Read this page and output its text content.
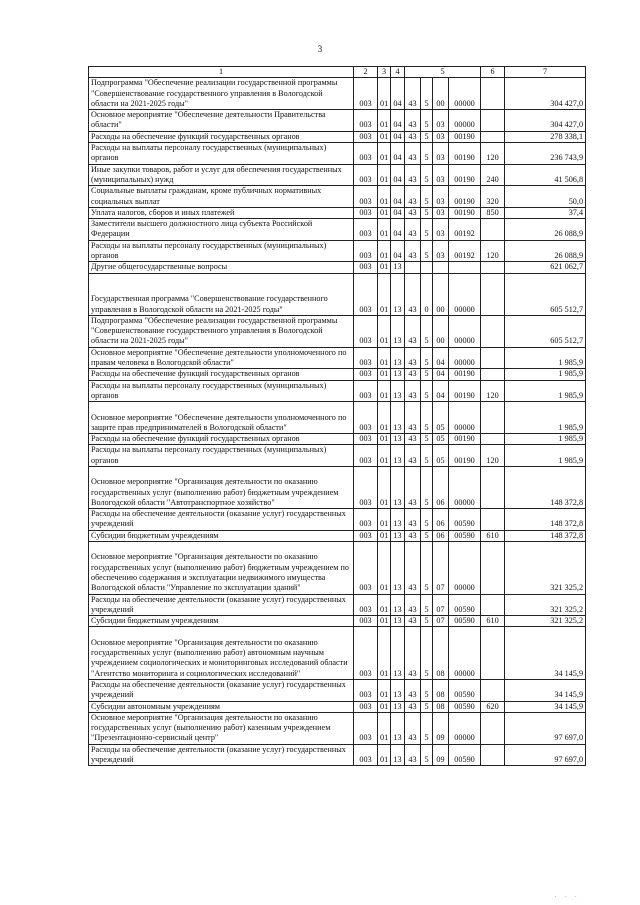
3
1	2	3	4	5				6	7
Подпрограмма "Обеспечение реализации государственной программы "Совершенствование государственного управления в Вологодской области на 2021-2025 годы"	003	01	04	43	5	00	00000		304 427,0
Основное мероприятие "Обеспечение деятельности Правительства области"	003	01	04	43	5	03	00000		304 427,0
Расходы на обеспечение функций государственных органов	003	01	04	43	5	03	00190		278 338,1
Расходы на выплаты персоналу государственных (муниципальных) органов	003	01	04	43	5	03	00190	120	236 743,9
Иные закупки товаров, работ и услуг для обеспечения государственных (муниципальных) нужд	003	01	04	43	5	03	00190	240	41 506,8
Социальные выплаты гражданам, кроме публичных нормативных социальных выплат	003	01	04	43	5	03	00190	320	50,0
Уплата налогов, сборов и иных платежей	003	01	04	43	5	03	00190	850	37,4
Заместители высшего должностного лица субъекта Российской Федерации	003	01	04	43	5	03	00192		26 088,9
Расходы на выплаты персоналу государственных (муниципальных) органов	003	01	04	43	5	03	00192	120	26 088,9
Другие общегосударственные вопросы	003	01	13						621 062,7
Государственная программа "Совершенствование государственного управления в Вологодской области на 2021-2025 годы"	003	01	13	43	0	00	00000		605 512,7
Подпрограмма "Обеспечение реализации государственной программы "Совершенствование государственного управления в Вологодской области на 2021-2025 годы"	003	01	13	43	5	00	00000		605 512,7
Основное мероприятие "Обеспечение деятельности уполномоченного по правам человека в Вологодской области"	003	01	13	43	5	04	00000		1 985,9
Расходы на обеспечение функций государственных органов	003	01	13	43	5	04	00190		1 985,9
Расходы на выплаты персоналу государственных (муниципальных) органов	003	01	13	43	5	04	00190	120	1 985,9
Основное мероприятие "Обеспечение деятельности уполномоченного по защите прав предпринимателей в Вологодской области"	003	01	13	43	5	05	00000		1 985,9
Расходы на обеспечение функций государственных органов	003	01	13	43	5	05	00190		1 985,9
Расходы на выплаты персоналу государственных (муниципальных) органов	003	01	13	43	5	05	00190	120	1 985,9
Основное мероприятие "Организация деятельности по оказанию государственных услуг (выполнению работ) бюджетным учреждением Вологодской области "Автотранспортное хозяйство"	003	01	13	43	5	06	00000		148 372,8
Расходы на обеспечение деятельности (оказание услуг) государственных учреждений	003	01	13	43	5	06	00590		148 372,8
Субсидии бюджетным учреждениям	003	01	13	43	5	06	00590	610	148 372,8
Основное мероприятие "Организация деятельности по оказанию государственных услуг (выполнению работ) бюджетным учреждением по обеспечению содержания и эксплуатации недвижимого имущества Вологодской области "Управление по эксплуатации зданий"	003	01	13	43	5	07	00000		321 325,2
Расходы на обеспечение деятельности (оказание услуг) государственных учреждений	003	01	13	43	5	07	00590		321 325,2
Субсидии бюджетным учреждениям	003	01	13	43	5	07	00590	610	321 325,2
Основное мероприятие "Организация деятельности по оказанию государственных услуг (выполнению работ) автономным научным учреждением социологических и мониторинговых исследований области "Агентство мониторинга и социологических исследований"	003	01	13	43	5	08	00000		34 145,9
Расходы на обеспечение деятельности (оказание услуг) государственных учреждений	003	01	13	43	5	08	00590		34 145,9
Субсидии автономным учреждениям	003	01	13	43	5	08	00590	620	34 145,9
Основное мероприятие "Организация деятельности по оказанию государственных услуг (выполнению работ) казенным учреждением "Презентационно-сервисный центр"	003	01	13	43	5	09	00000		97 697,0
Расходы на обеспечение деятельности (оказание услуг) государственных учреждений	003	01	13	43	5	09	00590		97 697,0
· · ·
